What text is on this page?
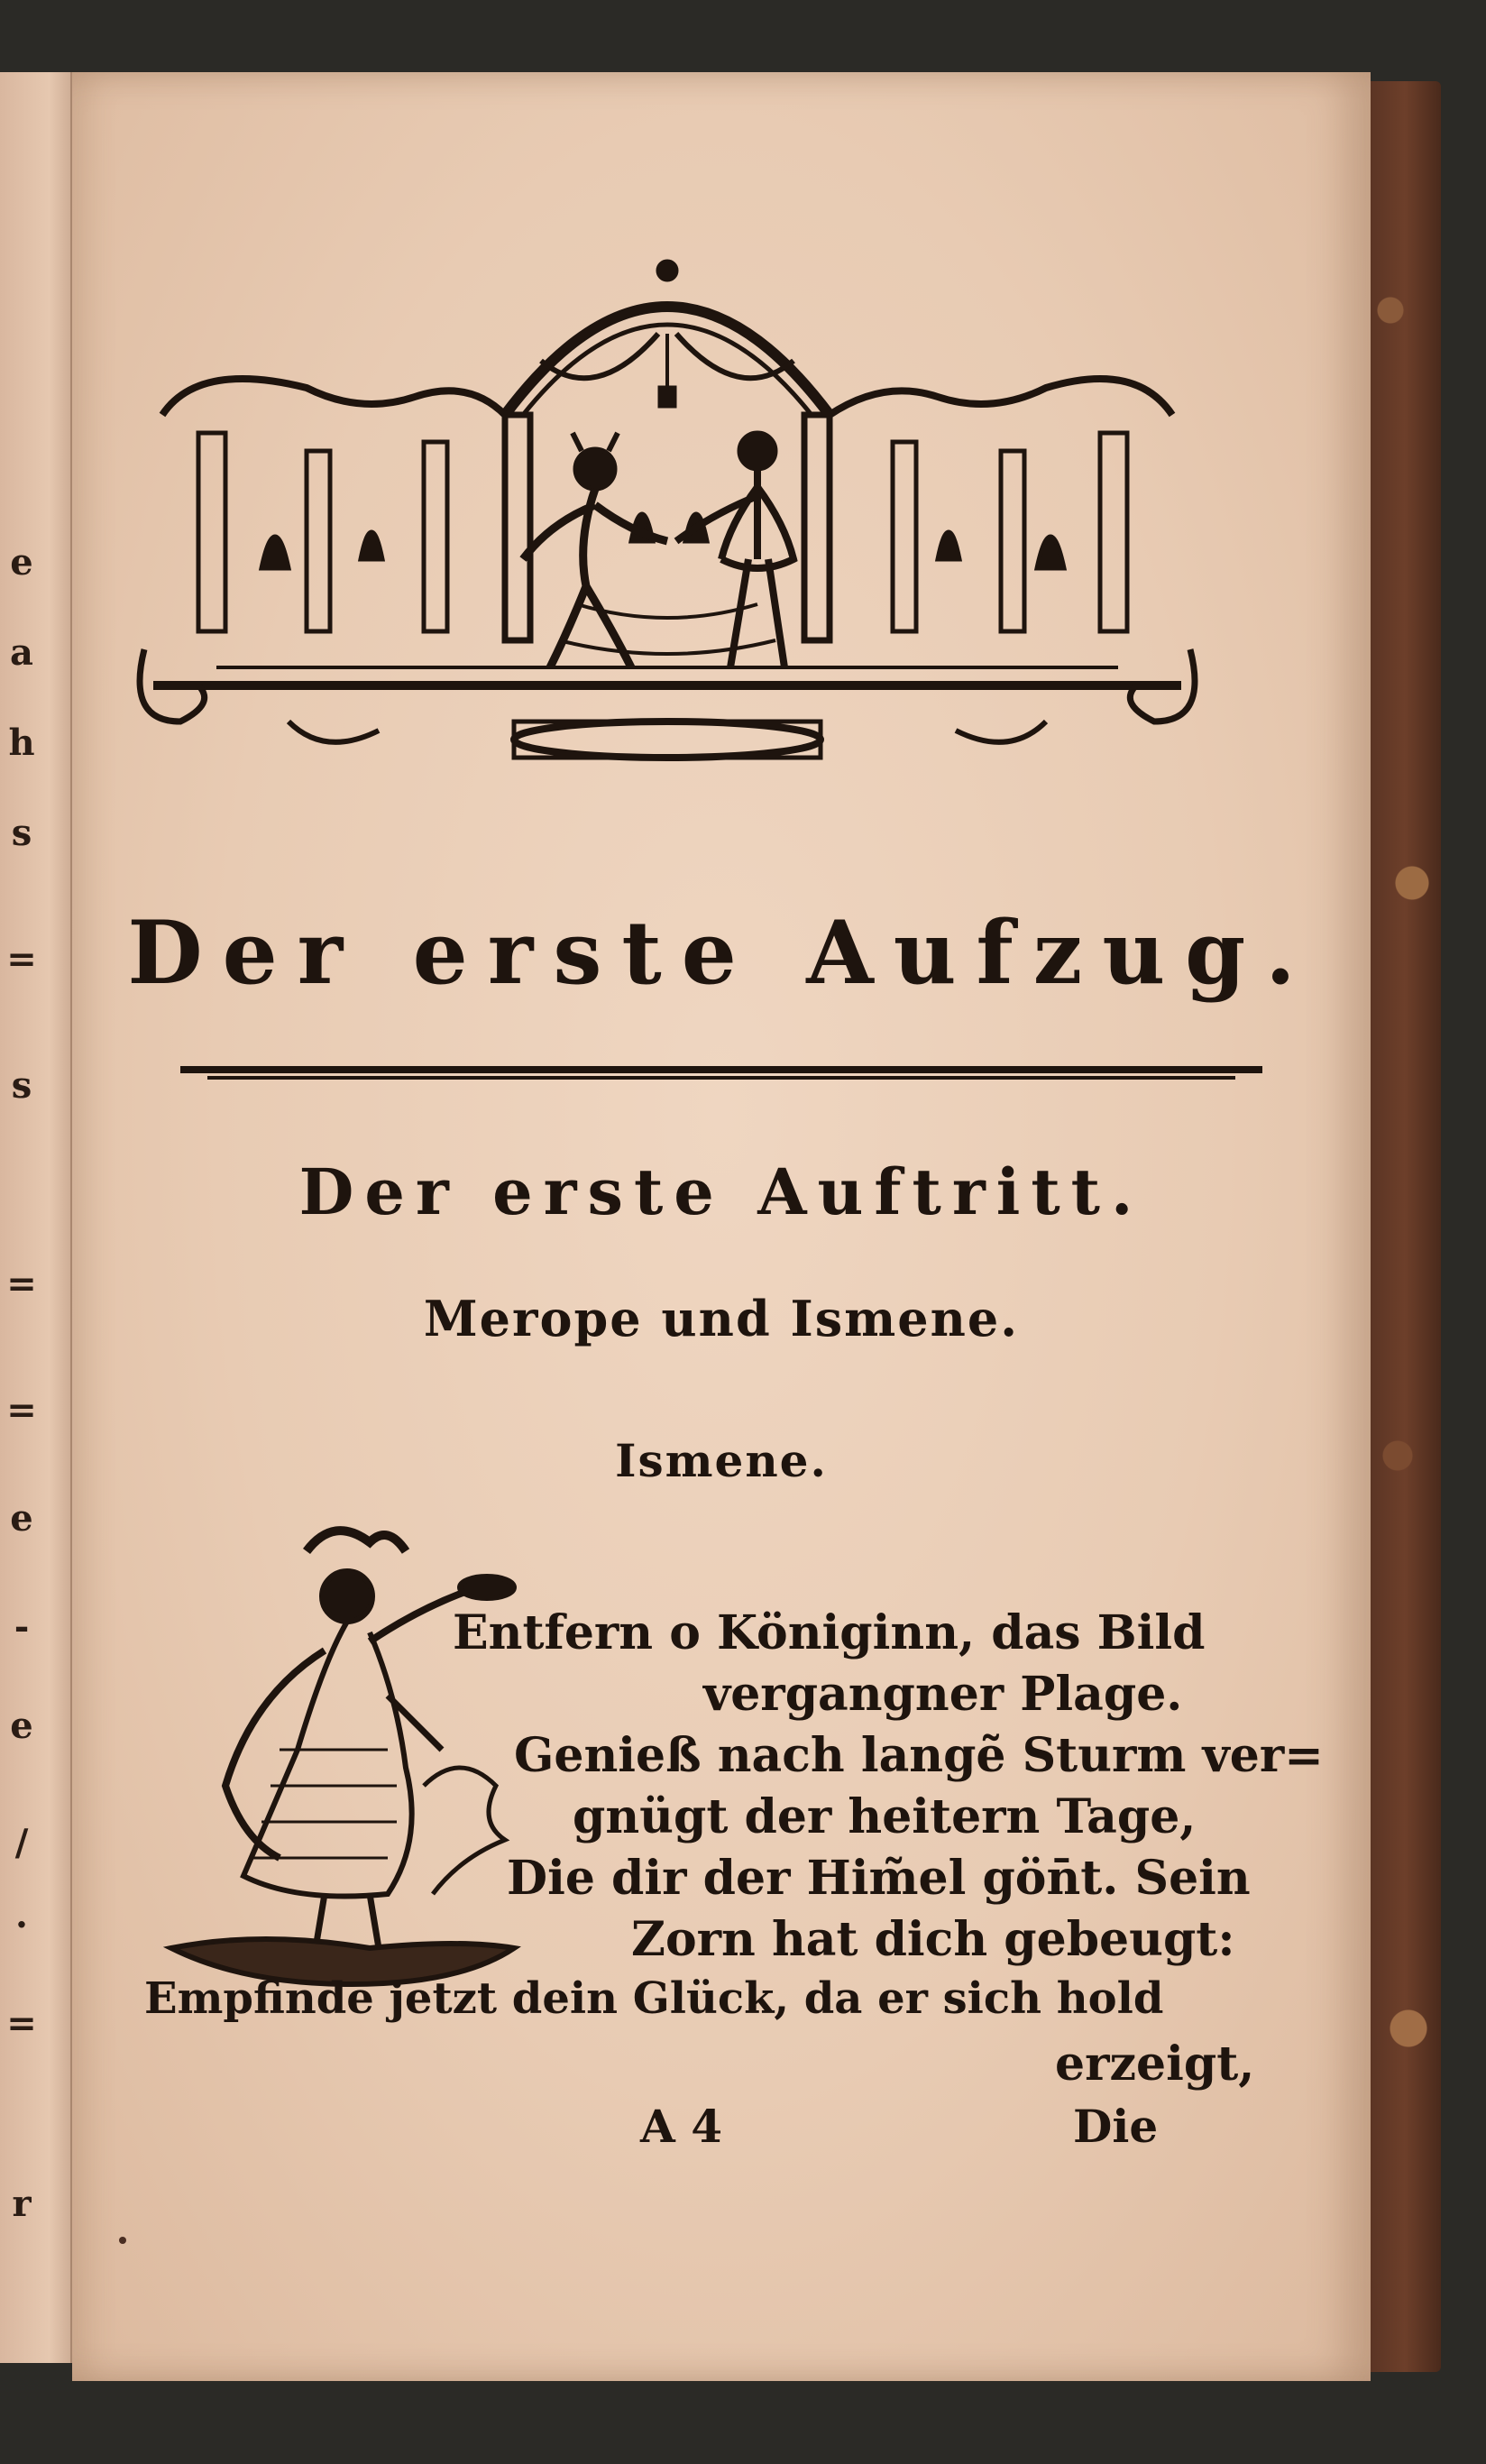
e
a
h
s
=
s
=
=
e
-
e
/
.
=
r
Der erste Aufzug.
Der erste Auftritt.
Merope und Ismene.
Ismene.
Entfern o Königinn, das Bild
vergangner Plage.
Genieß nach langẽ Sturm ver=
gnügt der heitern Tage,
Die dir der Him̃el gön̄t. Sein
Zorn hat dich gebeugt:
Empfinde jetzt dein Glück, da er sich hold
erzeigt,
A 4	Die
